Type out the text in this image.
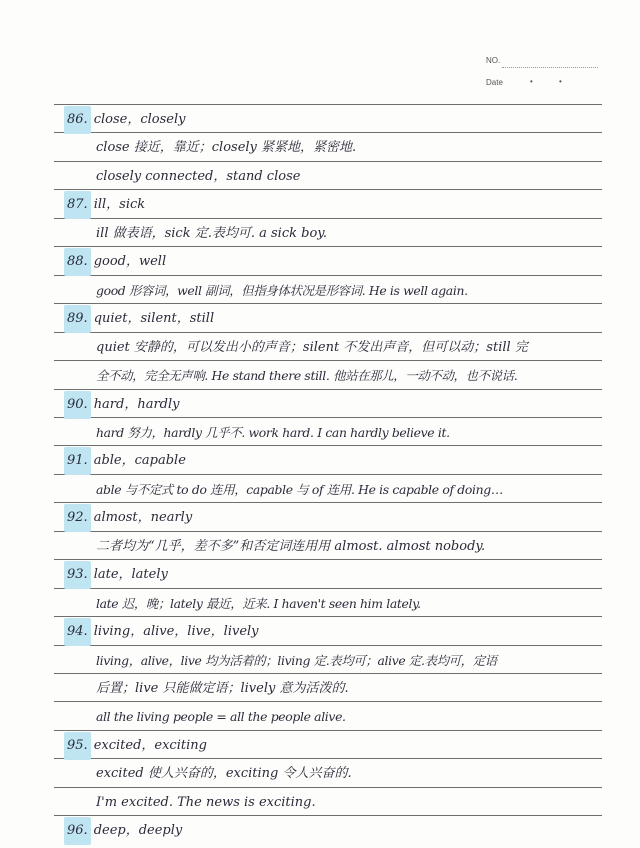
NO.
Date	• •
86. close，closely
close 接近，靠近；closely 紧紧地，紧密地.
closely connected，stand close
87. ill，sick
ill 做表语，sick 定.表均可. a sick boy.
88. good，well
good 形容词，well 副词，但指身体状况是形容词. He is well again.
89. quiet，silent，still
quiet 安静的，可以发出小的声音；silent 不发出声音，但可以动；still 完
全不动，完全无声响. He stand there still. 他站在那儿，一动不动，也不说话.
90. hard，hardly
hard 努力，hardly 几乎不. work hard. I can hardly believe it.
91. able，capable
able 与不定式 to do 连用，capable 与 of 连用. He is capable of doing…
92. almost，nearly
二者均为“几乎，差不多”和否定词连用用 almost. almost nobody.
93. late，lately
late 迟，晚；lately 最近，近来. I haven't seen him lately.
94. living，alive，live，lively
living，alive，live 均为活着的；living 定.表均可；alive 定.表均可，定语
后置；live 只能做定语；lively 意为活泼的.
all the living people = all the people alive.
95. excited，exciting
excited 使人兴奋的，exciting 令人兴奋的.
I'm excited. The news is exciting.
96. deep，deeply
